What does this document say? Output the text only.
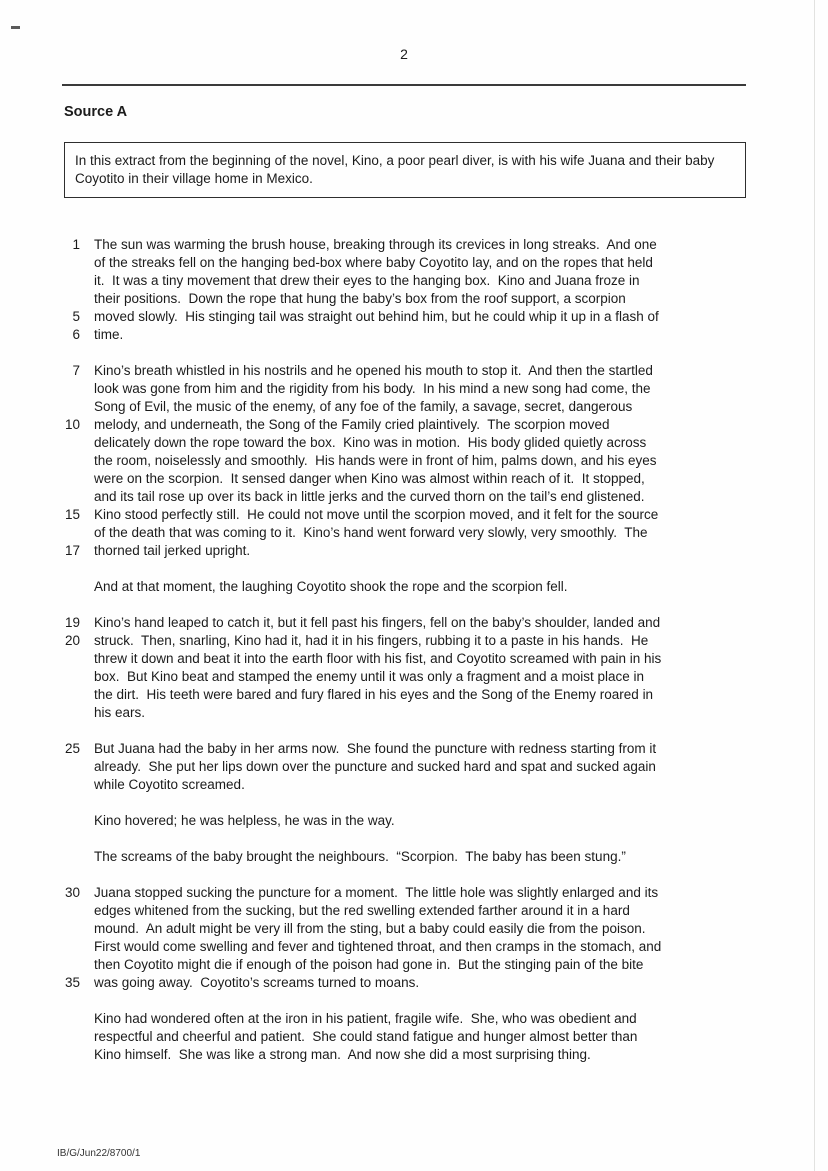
2
Source A

In this extract from the beginning of the novel, Kino, a poor pearl diver, is with his wife Juana and their baby Coyotito in their village home in Mexico.

1 The sun was warming the brush house, breaking through its crevices in long streaks.  And one
of the streaks fell on the hanging bed-box where baby Coyotito lay, and on the ropes that held
it.  It was a tiny movement that drew their eyes to the hanging box.  Kino and Juana froze in
their positions.  Down the rope that hung the baby’s box from the roof support, a scorpion
5 moved slowly.  His stinging tail was straight out behind him, but he could whip it up in a flash of
6 time.
7 Kino’s breath whistled in his nostrils and he opened his mouth to stop it.  And then the startled
look was gone from him and the rigidity from his body.  In his mind a new song had come, the
Song of Evil, the music of the enemy, of any foe of the family, a savage, secret, dangerous
10 melody, and underneath, the Song of the Family cried plaintively.  The scorpion moved
delicately down the rope toward the box.  Kino was in motion.  His body glided quietly across
the room, noiselessly and smoothly.  His hands were in front of him, palms down, and his eyes
were on the scorpion.  It sensed danger when Kino was almost within reach of it.  It stopped,
and its tail rose up over its back in little jerks and the curved thorn on the tail’s end glistened.
15 Kino stood perfectly still.  He could not move until the scorpion moved, and it felt for the source
of the death that was coming to it.  Kino’s hand went forward very slowly, very smoothly.  The
17 thorned tail jerked upright.
And at that moment, the laughing Coyotito shook the rope and the scorpion fell.
19 Kino’s hand leaped to catch it, but it fell past his fingers, fell on the baby’s shoulder, landed and
20 struck.  Then, snarling, Kino had it, had it in his fingers, rubbing it to a paste in his hands.  He
threw it down and beat it into the earth floor with his fist, and Coyotito screamed with pain in his
box.  But Kino beat and stamped the enemy until it was only a fragment and a moist place in
the dirt.  His teeth were bared and fury flared in his eyes and the Song of the Enemy roared in
his ears.
25 But Juana had the baby in her arms now.  She found the puncture with redness starting from it
already.  She put her lips down over the puncture and sucked hard and spat and sucked again
while Coyotito screamed.
Kino hovered; he was helpless, he was in the way.
The screams of the baby brought the neighbours.  “Scorpion.  The baby has been stung.”
30 Juana stopped sucking the puncture for a moment.  The little hole was slightly enlarged and its
edges whitened from the sucking, but the red swelling extended farther around it in a hard
mound.  An adult might be very ill from the sting, but a baby could easily die from the poison.
First would come swelling and fever and tightened throat, and then cramps in the stomach, and
then Coyotito might die if enough of the poison had gone in.  But the stinging pain of the bite
35 was going away.  Coyotito’s screams turned to moans.
Kino had wondered often at the iron in his patient, fragile wife.  She, who was obedient and
respectful and cheerful and patient.  She could stand fatigue and hunger almost better than
Kino himself.  She was like a strong man.  And now she did a most surprising thing.
IB/G/Jun22/8700/1
